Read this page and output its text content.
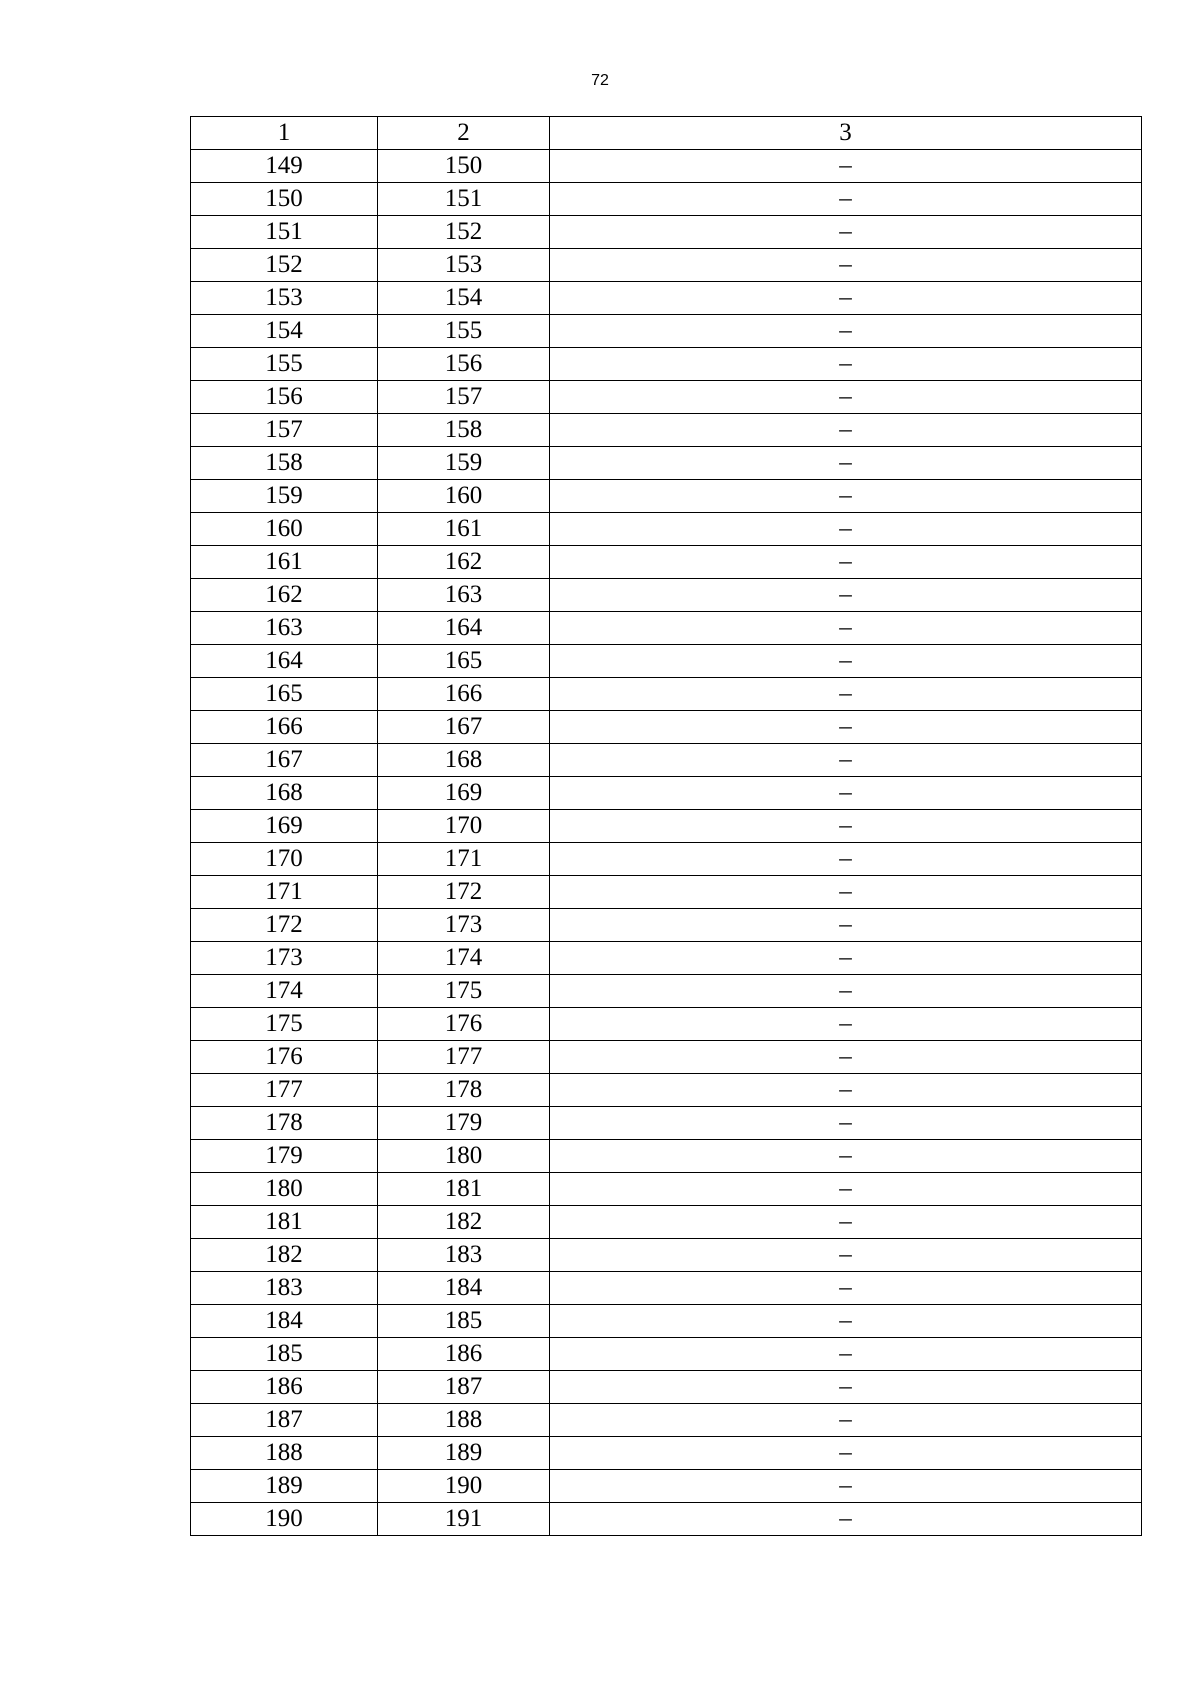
72
1	2	3
149	150	–
150	151	–
151	152	–
152	153	–
153	154	–
154	155	–
155	156	–
156	157	–
157	158	–
158	159	–
159	160	–
160	161	–
161	162	–
162	163	–
163	164	–
164	165	–
165	166	–
166	167	–
167	168	–
168	169	–
169	170	–
170	171	–
171	172	–
172	173	–
173	174	–
174	175	–
175	176	–
176	177	–
177	178	–
178	179	–
179	180	–
180	181	–
181	182	–
182	183	–
183	184	–
184	185	–
185	186	–
186	187	–
187	188	–
188	189	–
189	190	–
190	191	–
